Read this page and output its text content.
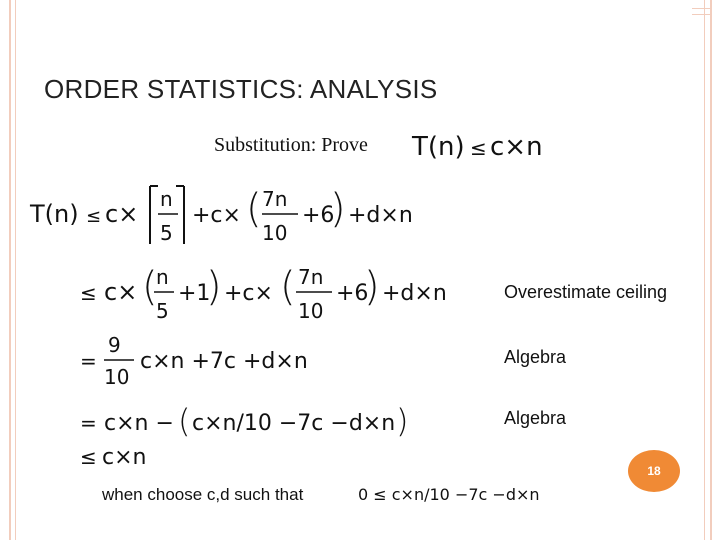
ORDER STATISTICS: ANALYSIS
Substitution: Prove T(n) ≤ c×n
T(n) ≤ c×
n
5
+c× ( 7n
10
+6
) +d×n
≤ c× (
n
5
+1
) +c× ( 7n
10
+6
) +d×n
=
9
10
c×n +7c +d×n
= c×n − ( c×n/10 −7c −d×n )
≤ c×n
0 ≤ c×n/10 −7c −d×n
Overestimate ceiling
Algebra
Algebra
when choose c,d such that
18
